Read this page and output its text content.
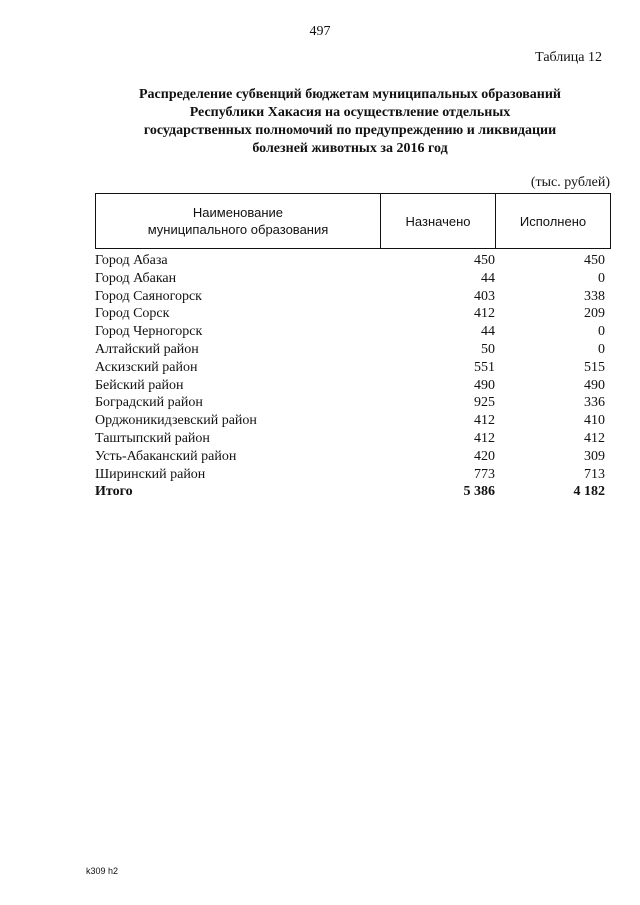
497
Таблица 12
Распределение субвенций бюджетам муниципальных образований
Республики Хакасия на осуществление отдельных
государственных полномочий по предупреждению и ликвидации
болезней животных за 2016 год
(тыс. рублей)
Наименование
муниципального образования
Назначено	Исполнено
Город Абаза	450	450
Город Абакан	44	0
Город Саяногорск	403	338
Город Сорск	412	209
Город Черногорск	44	0
Алтайский район	50	0
Аскизский район	551	515
Бейский район	490	490
Боградский район	925	336
Орджоникидзевский район	412	410
Таштыпский район	412	412
Усть-Абаканский район	420	309
Ширинский район	773	713
Итого	5 386	4 182
k309 h2
